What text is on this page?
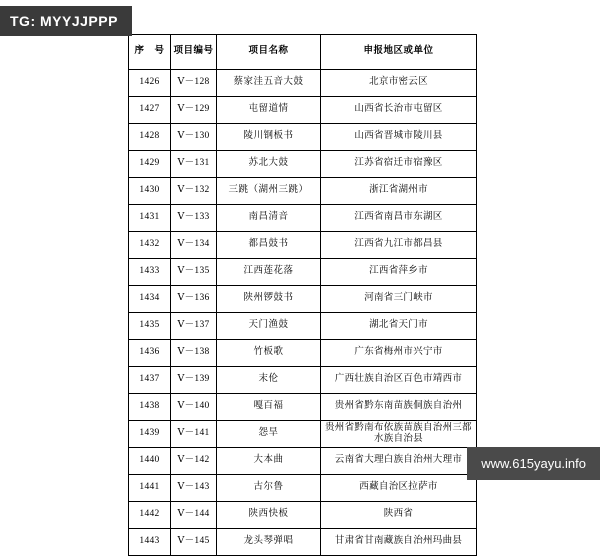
序　号	项目编号	项目名称	申报地区或单位
1426	Ⅴ－128	蔡家洼五音大鼓	北京市密云区
1427	Ⅴ－129	屯留道情	山西省长治市屯留区
1428	Ⅴ－130	陵川钢板书	山西省晋城市陵川县
1429	Ⅴ－131	苏北大鼓	江苏省宿迁市宿豫区
1430	Ⅴ－132	三跳（湖州三跳）	浙江省湖州市
1431	Ⅴ－133	南昌清音	江西省南昌市东湖区
1432	Ⅴ－134	都昌鼓书	江西省九江市都昌县
1433	Ⅴ－135	江西莲花落	江西省萍乡市
1434	Ⅴ－136	陕州锣鼓书	河南省三门峡市
1435	Ⅴ－137	天门渔鼓	湖北省天门市
1436	Ⅴ－138	竹板歌	广东省梅州市兴宁市
1437	Ⅴ－139	末伦	广西壮族自治区百色市靖西市
1438	Ⅴ－140	嘎百福	贵州省黔东南苗族侗族自治州
1439	Ⅴ－141	怨旱	贵州省黔南布依族苗族自治州三都水族自治县
1440	Ⅴ－142	大本曲	云南省大理白族自治州大理市
1441	Ⅴ－143	古尔鲁	西藏自治区拉萨市
1442	Ⅴ－144	陕西快板	陕西省
1443	Ⅴ－145	龙头琴弹唱	甘肃省甘南藏族自治州玛曲县
TG: MYYJJPPP
www.615yayu.info
